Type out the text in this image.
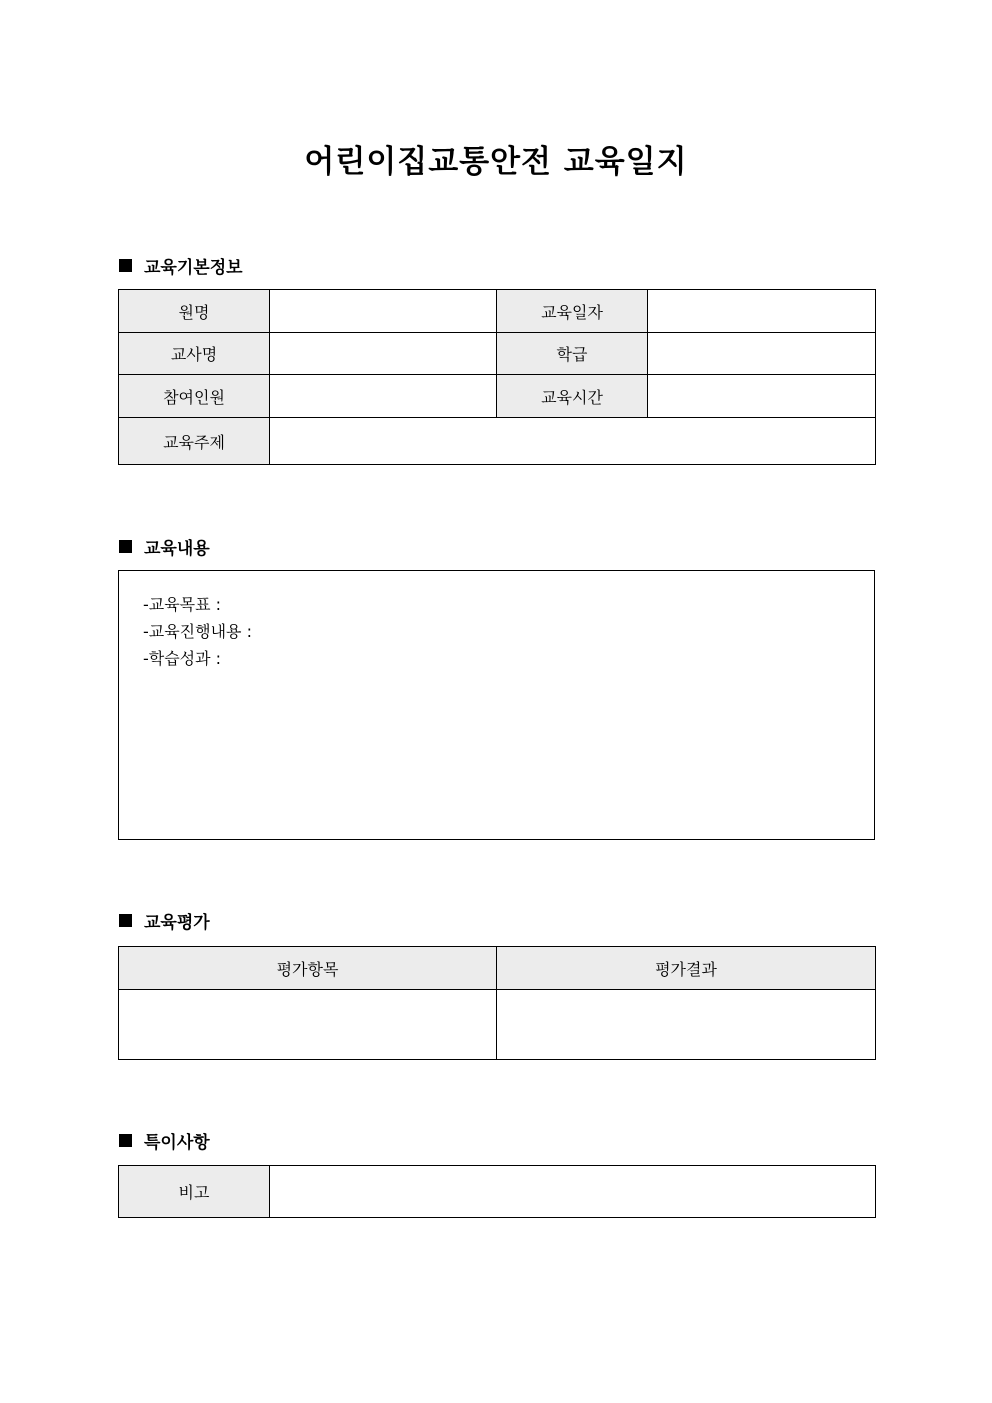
어린이집교통안전 교육일지
교육기본정보
원명		교육일자	
교사명		학급	
참여인원		교육시간	
교육주제			
교육내용
-교육목표 :
-교육진행내용 :
-학습성과 :
교육평가
평가항목	평가결과

특이사항
비고	
